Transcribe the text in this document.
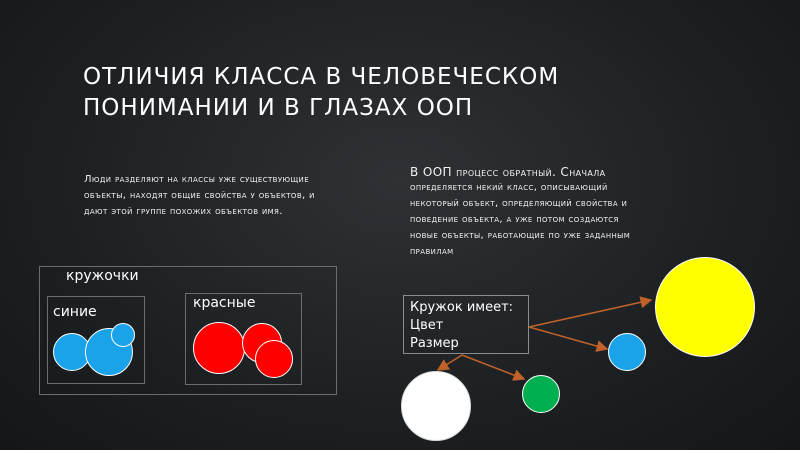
ОТЛИЧИЯ КЛАССА В ЧЕЛОВЕЧЕСКОМ
ПОНИМАНИИ И В ГЛАЗАХ ООП
Люди разделяют на классы уже существующие
объекты, находят общие свойства у объектов, и
дают этой группе похожих объектов имя.
В ООП процесс обратный. Сначала
определяется некий класс, описывающий
некоторый объект, определяющий свойства и
поведение объекта, а уже потом создаются
новые объекты, работающие по уже заданным
правилам
кружочки
синие
красные	Кружок имеет:
Цвет
Размер
